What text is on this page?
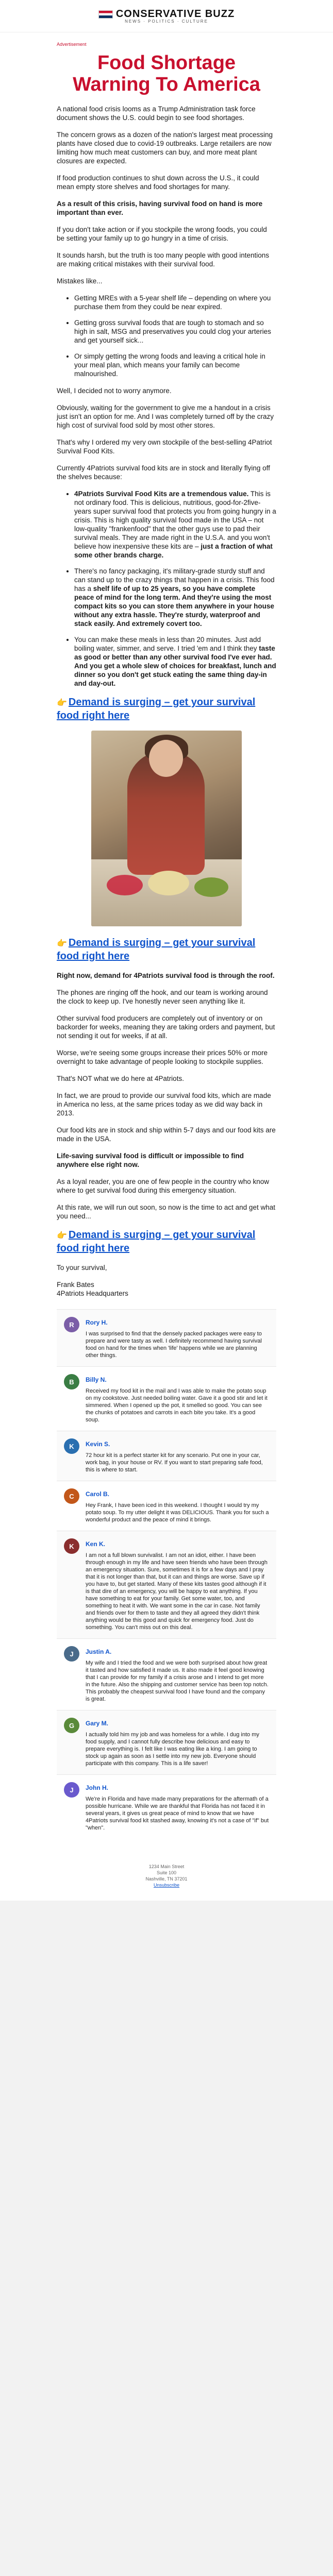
CONSERVATIVE BUZZ
NEWS · POLITICS · CULTURE
Advertisement
Food Shortage Warning To America

A national food crisis looms as a Trump Administration task force document shows the U.S. could begin to see food shortages.

The concern grows as a dozen of the nation's largest meat processing plants have closed due to covid-19 outbreaks. Large retailers are now limiting how much meat customers can buy, and more meat plant closures are expected.

If food production continues to shut down across the U.S., it could mean empty store shelves and food shortages for many.

As a result of this crisis, having survival food on hand is more important than ever.

If you don't take action or if you stockpile the wrong foods, you could be setting your family up to go hungry in a time of crisis.

It sounds harsh, but the truth is too many people with good intentions are making critical mistakes with their survival food.

Mistakes like...

• Getting MREs with a 5-year shelf life – depending on where you purchase them from they could be near expired.
• Getting gross survival foods that are tough to stomach and so high in salt, MSG and preservatives you could clog your arteries and get yourself sick...
• Or simply getting the wrong foods and leaving a critical hole in your meal plan, which means your family can become malnourished.

Well, I decided not to worry anymore.

Obviously, waiting for the government to give me a handout in a crisis just isn't an option for me. And I was completely turned off by the crazy high cost of survival food sold by most other stores.

That's why I ordered my very own stockpile of the best-selling 4Patriot Survival Food Kits.

Currently 4Patriots survival food kits are in stock and literally flying off the shelves because:

• 4Patriots Survival Food Kits are a tremendous value. This is not ordinary food. This is delicious, nutritious, good-for-2five-years super survival food that protects you from going hungry in a crisis. This is high quality survival food made in the USA – not low-quality "frankenfood" that the other guys use to pad their survival meals. They are made right in the U.S.A. and you won't believe how inexpensive these kits are – just a fraction of what some other brands charge.
• There's no fancy packaging, it's military-grade sturdy stuff and can stand up to the crazy things that happen in a crisis. This food has a shelf life of up to 25 years, so you have complete peace of mind for the long term. And they're using the most compact kits so you can store them anywhere in your house without any extra hassle. They're sturdy, waterproof and stack easily. And extremely covert too.
• You can make these meals in less than 20 minutes. Just add boiling water, simmer, and serve. I tried 'em and I think they taste as good or better than any other survival food I've ever had. And you get a whole slew of choices for breakfast, lunch and dinner so you don't get stuck eating the same thing day-in and day-out.
👉 Demand is surging – get your survival food right here
👉 Demand is surging – get your survival food right here

Right now, demand for 4Patriots survival food is through the roof.

The phones are ringing off the hook, and our team is working around the clock to keep up. I've honestly never seen anything like it.

Other survival food producers are completely out of inventory or on backorder for weeks, meaning they are taking orders and payment, but not sending it out for weeks, if at all.

Worse, we're seeing some groups increase their prices 50% or more overnight to take advantage of people looking to stockpile supplies.

That's NOT what we do here at 4Patriots.

In fact, we are proud to provide our survival food kits, which are made in America no less, at the same prices today as we did way back in 2013.

Our food kits are in stock and ship within 5-7 days and our food kits are made in the USA.

Life-saving survival food is difficult or impossible to find anywhere else right now.

As a loyal reader, you are one of few people in the country who know where to get survival food during this emergency situation.

At this rate, we will run out soon, so now is the time to act and get what you need...

👉 Demand is surging – get your survival food right here

To your survival,

Frank Bates

4Patriots Headquarters

R	Rory H.

I was surprised to find that the densely packed packages were easy to prepare and were tasty as well. I definitely recommend having survival food on hand for the times when 'life' happens while we are planning other things.

B	Billy N.

Received my food kit in the mail and I was able to make the potato soup on my cookstove. Just needed boiling water. Gave it a good stir and let it simmered. When I opened up the pot, it smelled so good. You can see the chunks of potatoes and carrots in each bite you take. It's a good soup.

K	Kevin S.

72 hour kit is a perfect starter kit for any scenario. Put one in your car, work bag, in your house or RV. If you want to start preparing safe food, this is where to start.

C	Carol B.

Hey Frank, I have been iced in this weekend. I thought I would try my potato soup. To my utter delight it was DELICIOUS. Thank you for such a wonderful product and the peace of mind it brings.

K	Ken K.

I am not a full blown survivalist. I am not an idiot, either. I have been through enough in my life and have seen friends who have been through an emergency situation. Sure, sometimes it is for a few days and I pray that it is not longer than that, but it can and things are worse. Save up if you have to, but get started. Many of these kits tastes good although if it is that dire of an emergency, you will be happy to eat anything. If you have something to eat for your family. Get some water, too, and something to heat it with. We want some in the car in case. Not family and friends over for them to taste and they all agreed they didn't think anything would be this good and quick for emergency food. Just do something. You can't miss out on this deal.

J	Justin A.

My wife and I tried the food and we were both surprised about how great it tasted and how satisfied it made us. It also made it feel good knowing that I can provide for my family if a crisis arose and I intend to get more in the future. Also the shipping and customer service has been top notch. This probably the cheapest survival food I have found and the company is great.

G	Gary M.

I actually told him my job and was homeless for a while. I dug into my food supply, and I cannot fully describe how delicious and easy to prepare everything is. I felt like I was eating like a king. I am going to stock up again as soon as I settle into my new job. Everyone should participate with this company. This is a life saver!

J	John H.

We're in Florida and have made many preparations for the aftermath of a possible hurricane. While we are thankful that Florida has not faced it in several years, it gives us great peace of mind to know that we have 4Patriots survival food kit stashed away, knowing it's not a case of "if" but "when".

1234 Main Street
Suite 100
Nashville, TN 37201
Unsubscribe
